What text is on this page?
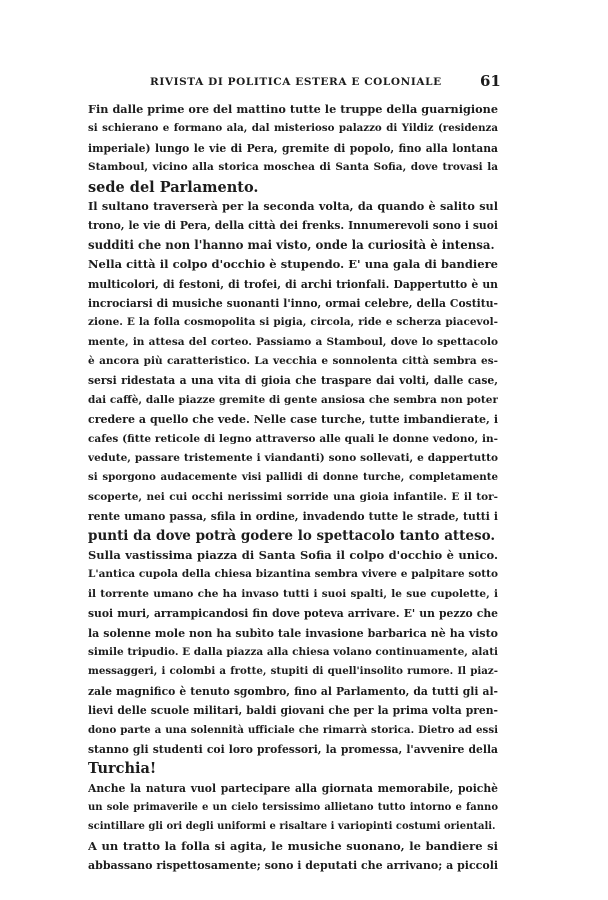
RIVISTA DI POLITICA ESTERA E COLONIALE	61
Fin dalle prime ore del mattino tutte le truppe della guarnigione
si schierano e formano ala, dal misterioso palazzo di Yildiz (residenza
imperiale) lungo le vie di Pera, gremite di popolo, fino alla lontana
Stamboul, vicino alla storica moschea di Santa Sofia, dove trovasi la
sede del Parlamento.
Il sultano traverserà per la seconda volta, da quando è salito sul
trono, le vie di Pera, della città dei frenks. Innumerevoli sono i suoi
sudditi che non l'hanno mai visto, onde la curiosità è intensa.
Nella città il colpo d'occhio è stupendo. E' una gala di bandiere
multicolori, di festoni, di trofei, di archi trionfali. Dappertutto è un
incrociarsi di musiche suonanti l'inno, ormai celebre, della Costitu-
zione. E la folla cosmopolita si pigia, circola, ride e scherza piacevol-
mente, in attesa del corteo. Passiamo a Stamboul, dove lo spettacolo
è ancora più caratteristico. La vecchia e sonnolenta città sembra es-
sersi ridestata a una vita di gioia che traspare dai volti, dalle case,
dai caffè, dalle piazze gremite di gente ansiosa che sembra non poter
credere a quello che vede. Nelle case turche, tutte imbandierate, i
cafes (fitte reticole di legno attraverso alle quali le donne vedono, in-
vedute, passare tristemente i viandanti) sono sollevati, e dappertutto
si sporgono audacemente visi pallidi di donne turche, completamente
scoperte, nei cui occhi nerissimi sorride una gioia infantile. E il tor-
rente umano passa, sfila in ordine, invadendo tutte le strade, tutti i
punti da dove potrà godere lo spettacolo tanto atteso.
Sulla vastissima piazza di Santa Sofia il colpo d'occhio è unico.
L'antica cupola della chiesa bizantina sembra vivere e palpitare sotto
il torrente umano che ha invaso tutti i suoi spalti, le sue cupolette, i
suoi muri, arrampicandosi fin dove poteva arrivare. E' un pezzo che
la solenne mole non ha subìto tale invasione barbarica nè ha visto
simile tripudio. E dalla piazza alla chiesa volano continuamente, alati
messaggeri, i colombi a frotte, stupiti di quell'insolito rumore. Il piaz-
zale magnifico è tenuto sgombro, fino al Parlamento, da tutti gli al-
lievi delle scuole militari, baldi giovani che per la prima volta pren-
dono parte a una solennità ufficiale che rimarrà storica. Dietro ad essi
stanno gli studenti coi loro professori, la promessa, l'avvenire della
Turchia!
Anche la natura vuol partecipare alla giornata memorabile, poichè
un sole primaverile e un cielo tersissimo allietano tutto intorno e fanno
scintillare gli ori degli uniformi e risaltare i variopinti costumi orientali.
A un tratto la folla si agita, le musiche suonano, le bandiere si
abbassano rispettosamente; sono i deputati che arrivano; a piccoli
